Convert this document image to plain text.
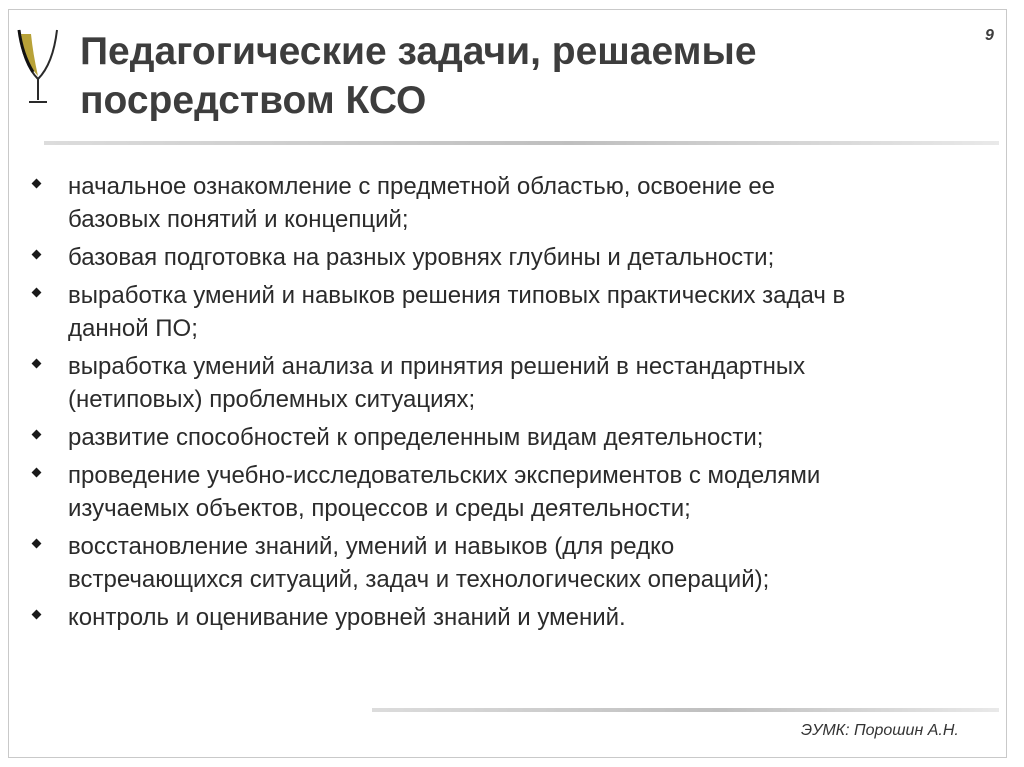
Педагогические задачи, решаемые
посредством КСО
9
начальное ознакомление с предметной областью, освоение ее
базовых понятий и концепций;
базовая подготовка на разных уровнях глубины и детальности;
выработка умений и навыков решения типовых практических задач в
данной ПО;
выработка умений анализа и принятия решений в нестандартных
(нетиповых) проблемных ситуациях;
развитие способностей к определенным видам деятельности;
проведение учебно-исследовательских экспериментов с моделями
изучаемых объектов, процессов и среды деятельности;
восстановление знаний, умений и навыков (для редко
встречающихся ситуаций, задач и технологических операций);
контроль и оценивание уровней знаний и умений.
ЭУМК: Порошин А.Н.
